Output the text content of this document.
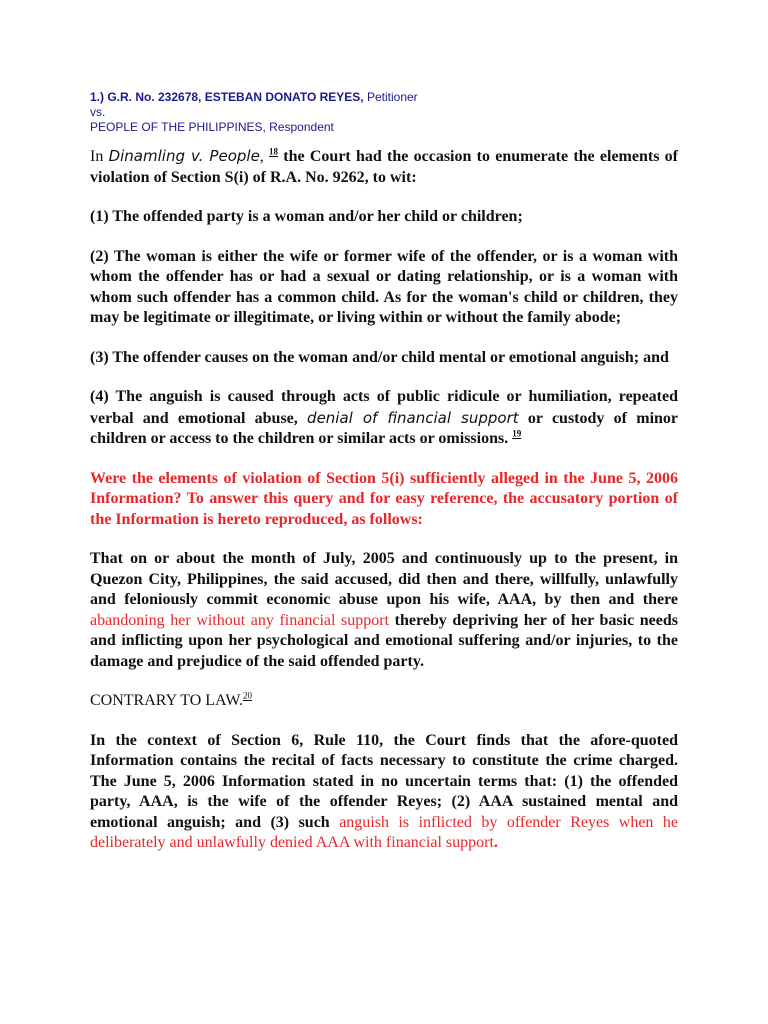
1.) G.R. No. 232678, ESTEBAN DONATO REYES, Petitioner
vs.
PEOPLE OF THE PHILIPPINES, Respondent

In Dinamling v. People, $^{18}$ the Court had the occasion to enumerate the elements of violation of Section S(i) of R.A. No. 9262, to wit:

(1) The offended party is a woman and/or her child or children;

(2) The woman is either the wife or former wife of the offender, or is a woman with whom the offender has or had a sexual or dating relationship, or is a woman with whom such offender has a common child. As for the woman's child or children, they may be legitimate or illegitimate, or living within or without the family abode;

(3) The offender causes on the woman and/or child mental or emotional anguish; and

(4) The anguish is caused through acts of public ridicule or humiliation, repeated verbal and emotional abuse, denial of financial support or custody of minor children or access to the children or similar acts or omissions. $^{19}$

Were the elements of violation of Section 5(i) sufficiently alleged in the June 5, 2006 Information? To answer this query and for easy reference, the accusatory portion of the Information is hereto reproduced, as follows:

That on or about the month of July, 2005 and continuously up to the present, in Quezon City, Philippines, the said accused, did then and there, willfully, unlawfully and feloniously commit economic abuse upon his wife, AAA, by then and there abandoning her without any financial support thereby depriving her of her basic needs and inflicting upon her psychological and emotional suffering and/or injuries, to the damage and prejudice of the said offended party.

CONTRARY TO LAW.$^{20}$

In the context of Section 6, Rule 110, the Court finds that the afore-quoted Information contains the recital of facts necessary to constitute the crime charged. The June 5, 2006 Information stated in no uncertain terms that: (1) the offended party, AAA, is the wife of the offender Reyes; (2) AAA sustained mental and emotional anguish; and (3) such anguish is inflicted by offender Reyes when he deliberately and unlawfully denied AAA with financial support.
